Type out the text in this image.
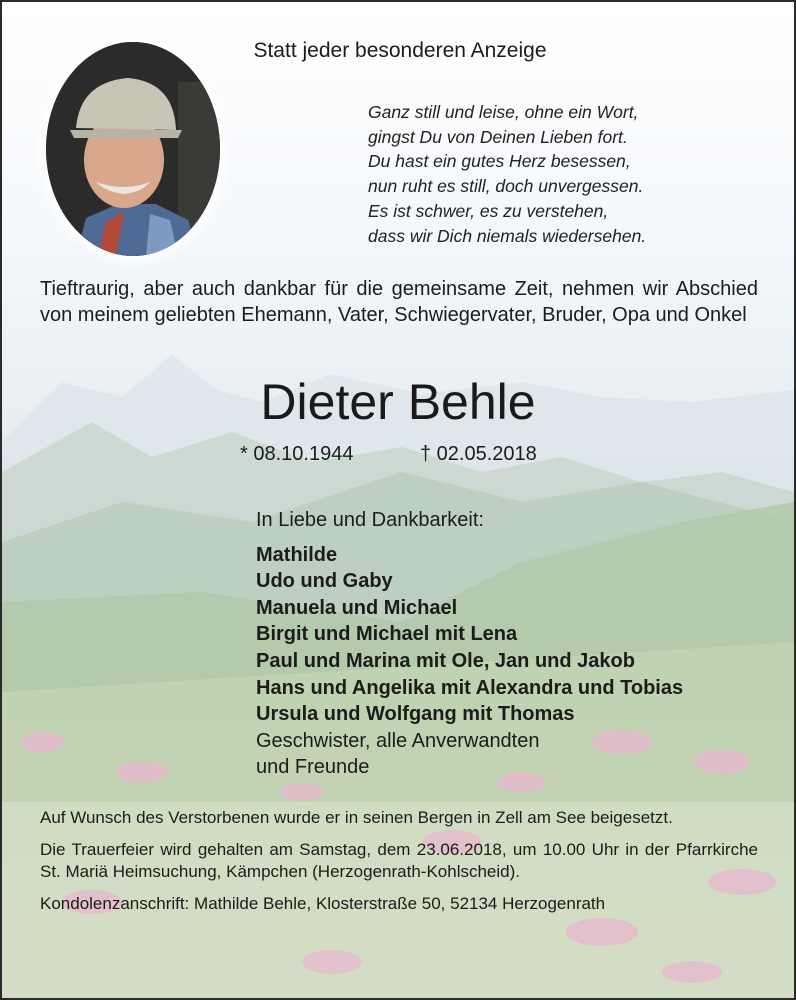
Statt jeder besonderen Anzeige

Ganz still und leise, ohne ein Wort,
gingst Du von Deinen Lieben fort.
Du hast ein gutes Herz besessen,
nun ruht es still, doch unvergessen.
Es ist schwer, es zu verstehen,
dass wir Dich niemals wiedersehen.

Tieftraurig, aber auch dankbar für die gemeinsame Zeit, nehmen wir Abschied von meinem geliebten Ehemann, Vater, Schwiegervater, Bruder, Opa und Onkel

Dieter Behle
* 08.10.1944	† 02.05.2018
In Liebe und Dankbarkeit:
Mathilde
Udo und Gaby
Manuela und Michael
Birgit und Michael mit Lena
Paul und Marina mit Ole, Jan und Jakob
Hans und Angelika mit Alexandra und Tobias
Ursula und Wolfgang mit Thomas
Geschwister, alle Anverwandten
und Freunde

Auf Wunsch des Verstorbenen wurde er in seinen Bergen in Zell am See beigesetzt.

Die Trauerfeier wird gehalten am Samstag, dem 23.06.2018, um 10.00 Uhr in der Pfarrkirche St. Mariä Heimsuchung, Kämpchen (Herzogenrath-Kohlscheid).

Kondolenzanschrift: Mathilde Behle, Klosterstraße 50, 52134 Herzogenrath
